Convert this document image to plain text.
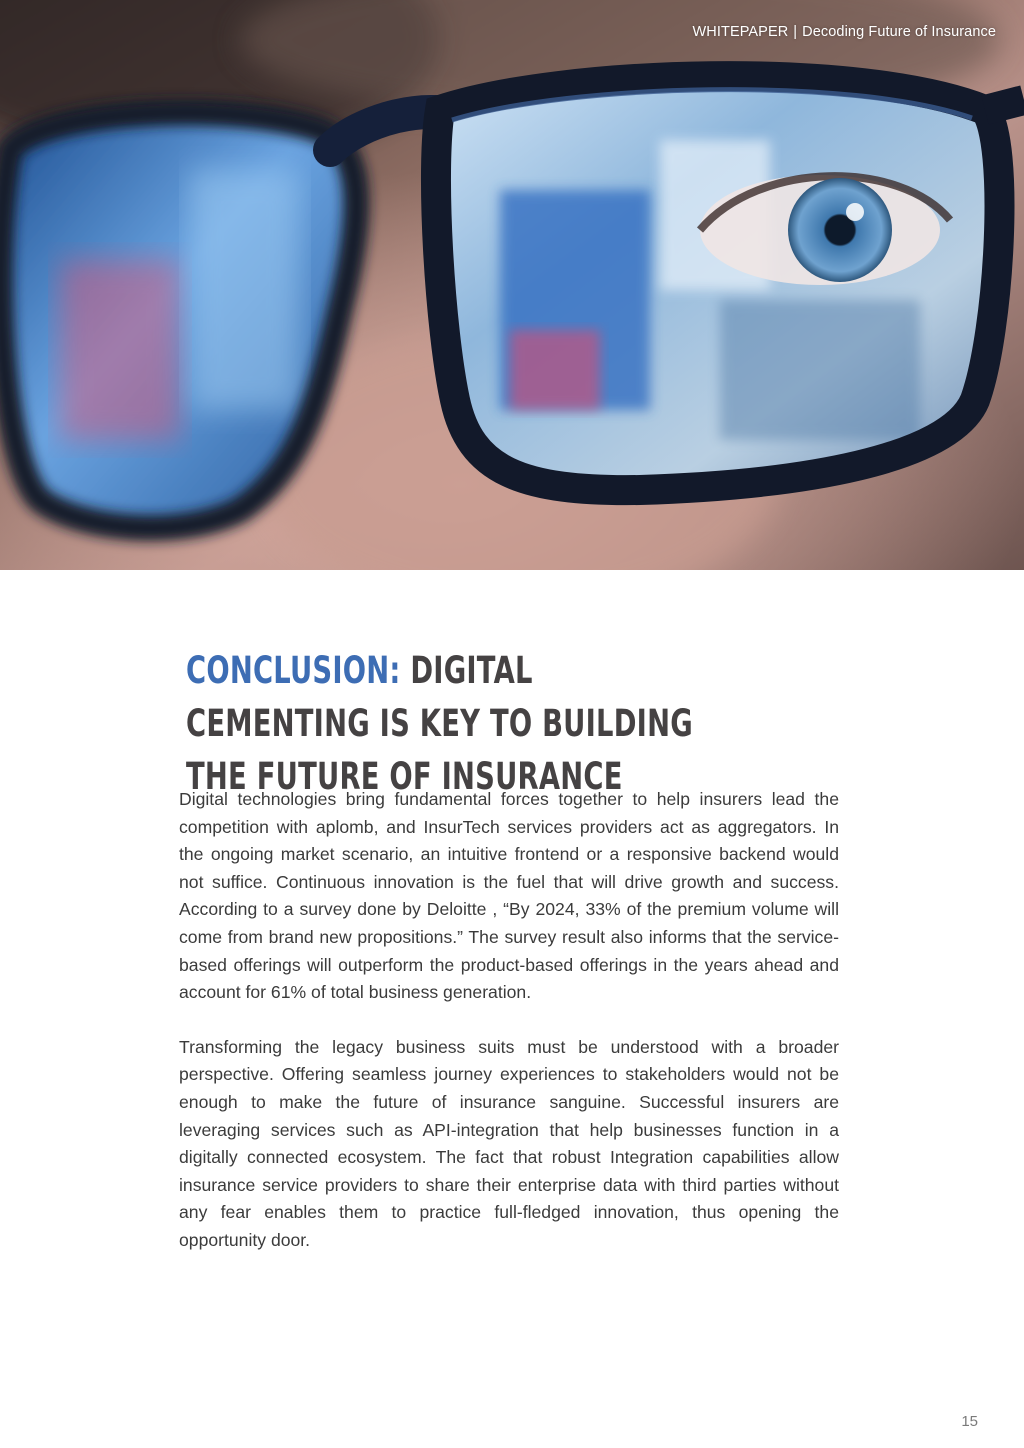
WHITEPAPER | Decoding Future of Insurance
CONCLUSION: DIGITAL CEMENTING IS KEY TO BUILDING THE FUTURE OF INSURANCE

Digital technologies bring fundamental forces together to help insurers lead the competition with aplomb, and InsurTech services providers act as aggregators. In the ongoing market scenario, an intuitive frontend or a responsive backend would not suffice. Continuous innovation is the fuel that will drive growth and success. According to a survey done by Deloitte , “By 2024, 33% of the premium volume will come from brand new propositions.” The survey result also informs that the service-based offerings will outperform the product-based offerings in the years ahead and account for 61% of total business generation.

Transforming the legacy business suits must be understood with a broader perspective. Offering seamless journey experiences to stakeholders would not be enough to make the future of insurance sanguine. Successful insurers are leveraging services such as API-integration that help businesses function in a digitally connected ecosystem. The fact that robust Integration capabilities allow insurance service providers to share their enterprise data with third parties without any fear enables them to practice full-fledged innovation, thus opening the opportunity door.

15
